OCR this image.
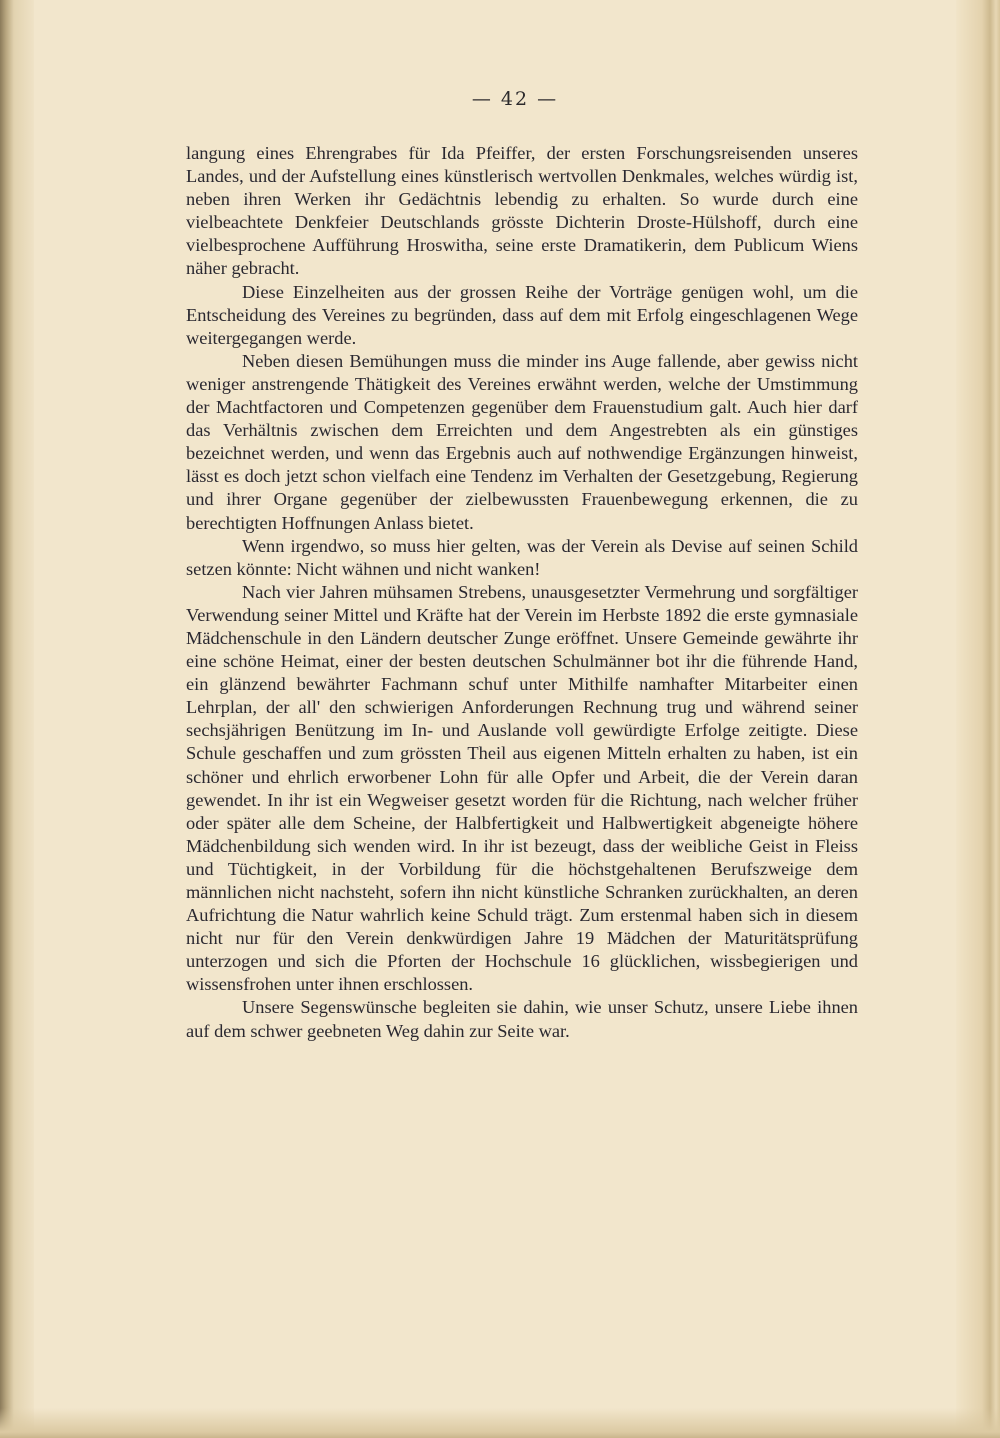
— 42 —

langung eines Ehrengrabes für Ida Pfeiffer, der ersten Forschungsreisenden unseres Landes, und der Aufstellung eines künstlerisch wertvollen Denkmales, welches würdig ist, neben ihren Werken ihr Gedächtnis lebendig zu erhalten. So wurde durch eine vielbeachtete Denkfeier Deutschlands grösste Dichterin Droste-Hülshoff, durch eine vielbesprochene Aufführung Hroswitha, seine erste Dramatikerin, dem Publicum Wiens näher gebracht.

Diese Einzelheiten aus der grossen Reihe der Vorträge genügen wohl, um die Entscheidung des Vereines zu begründen, dass auf dem mit Erfolg eingeschlagenen Wege weitergegangen werde.

Neben diesen Bemühungen muss die minder ins Auge fallende, aber gewiss nicht weniger anstrengende Thätigkeit des Vereines erwähnt werden, welche der Umstimmung der Machtfactoren und Competenzen gegenüber dem Frauenstudium galt. Auch hier darf das Verhältnis zwischen dem Erreichten und dem Angestrebten als ein günstiges bezeichnet werden, und wenn das Ergebnis auch auf nothwendige Ergänzungen hinweist, lässt es doch jetzt schon vielfach eine Tendenz im Verhalten der Gesetzgebung, Regierung und ihrer Organe gegenüber der zielbewussten Frauenbewegung erkennen, die zu berechtigten Hoffnungen Anlass bietet.

Wenn irgendwo, so muss hier gelten, was der Verein als Devise auf seinen Schild setzen könnte: Nicht wähnen und nicht wanken!

Nach vier Jahren mühsamen Strebens, unausgesetzter Vermehrung und sorgfältiger Verwendung seiner Mittel und Kräfte hat der Verein im Herbste 1892 die erste gymnasiale Mädchenschule in den Ländern deutscher Zunge eröffnet. Unsere Gemeinde gewährte ihr eine schöne Heimat, einer der besten deutschen Schulmänner bot ihr die führende Hand, ein glänzend bewährter Fachmann schuf unter Mithilfe namhafter Mitarbeiter einen Lehrplan, der all' den schwierigen Anforderungen Rechnung trug und während seiner sechsjährigen Benützung im In- und Auslande voll gewürdigte Erfolge zeitigte. Diese Schule geschaffen und zum grössten Theil aus eigenen Mitteln erhalten zu haben, ist ein schöner und ehrlich erworbener Lohn für alle Opfer und Arbeit, die der Verein daran gewendet. In ihr ist ein Wegweiser gesetzt worden für die Richtung, nach welcher früher oder später alle dem Scheine, der Halbfertigkeit und Halbwertigkeit abgeneigte höhere Mädchenbildung sich wenden wird. In ihr ist bezeugt, dass der weibliche Geist in Fleiss und Tüchtigkeit, in der Vorbildung für die höchstgehaltenen Berufszweige dem männlichen nicht nachsteht, sofern ihn nicht künstliche Schranken zurückhalten, an deren Aufrichtung die Natur wahrlich keine Schuld trägt. Zum erstenmal haben sich in diesem nicht nur für den Verein denkwürdigen Jahre 19 Mädchen der Maturitätsprüfung unterzogen und sich die Pforten der Hochschule 16 glücklichen, wissbegierigen und wissensfrohen unter ihnen erschlossen.

Unsere Segenswünsche begleiten sie dahin, wie unser Schutz, unsere Liebe ihnen auf dem schwer geebneten Weg dahin zur Seite war.
